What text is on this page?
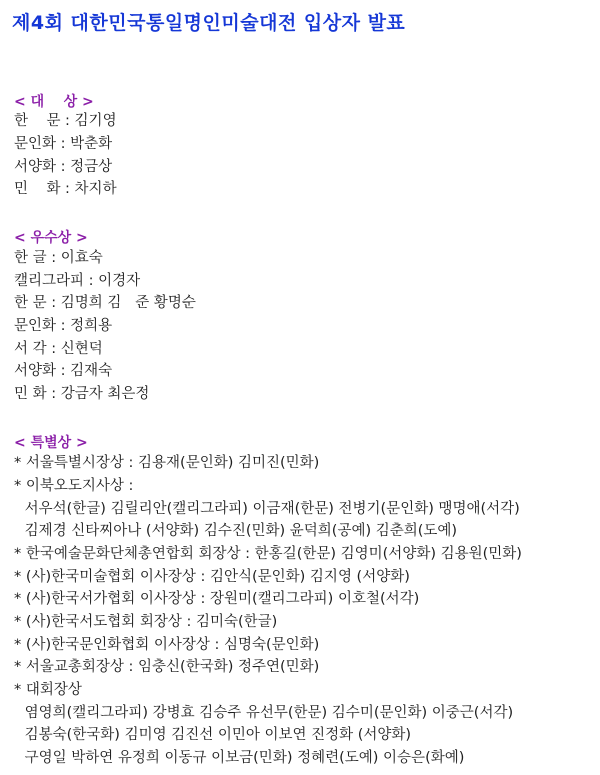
제4회 대한민국통일명인미술대전 입상자 발표
< 대    상 >
한    문 : 김기영
문인화 : 박춘화
서양화 : 정금상
민    화 : 차지하
< 우수상 >
한 글 : 이효숙
캘리그라피 : 이경자
한 문 : 김명희 김   준 황명순
문인화 : 정희용
서 각 : 신현덕
서양화 : 김재숙
민 화 : 강금자 최은정
< 특별상 >
* 서울특별시장상 : 김용재(문인화) 김미진(민화)
* 이북오도지사상 :
서우석(한글) 김릴리안(캘리그라피) 이금재(한문) 전병기(문인화) 맹명애(서각)
김제경 신타찌아나 (서양화) 김수진(민화) 윤덕희(공예) 김춘희(도예)
* 한국예술문화단체총연합회 회장상 : 한홍길(한문) 김영미(서양화) 김용원(민화)
* (사)한국미술협회 이사장상 : 김안식(문인화) 김지영 (서양화)
* (사)한국서가협회 이사장상 : 장원미(캘리그라피) 이호철(서각)
* (사)한국서도협회 회장상 : 김미숙(한글)
* (사)한국문인화협회 이사장상 : 심명숙(문인화)
* 서울교총회장상 : 임충신(한국화) 정주연(민화)
* 대회장상
염영희(캘리그라피) 강병효 김승주 유선무(한문) 김수미(문인화) 이중근(서각)
김봉숙(한국화) 김미영 김진선 이민아 이보연 진정화 (서양화)
구영일 박하연 유정희 이동규 이보금(민화) 정혜련(도예) 이승은(화예)
